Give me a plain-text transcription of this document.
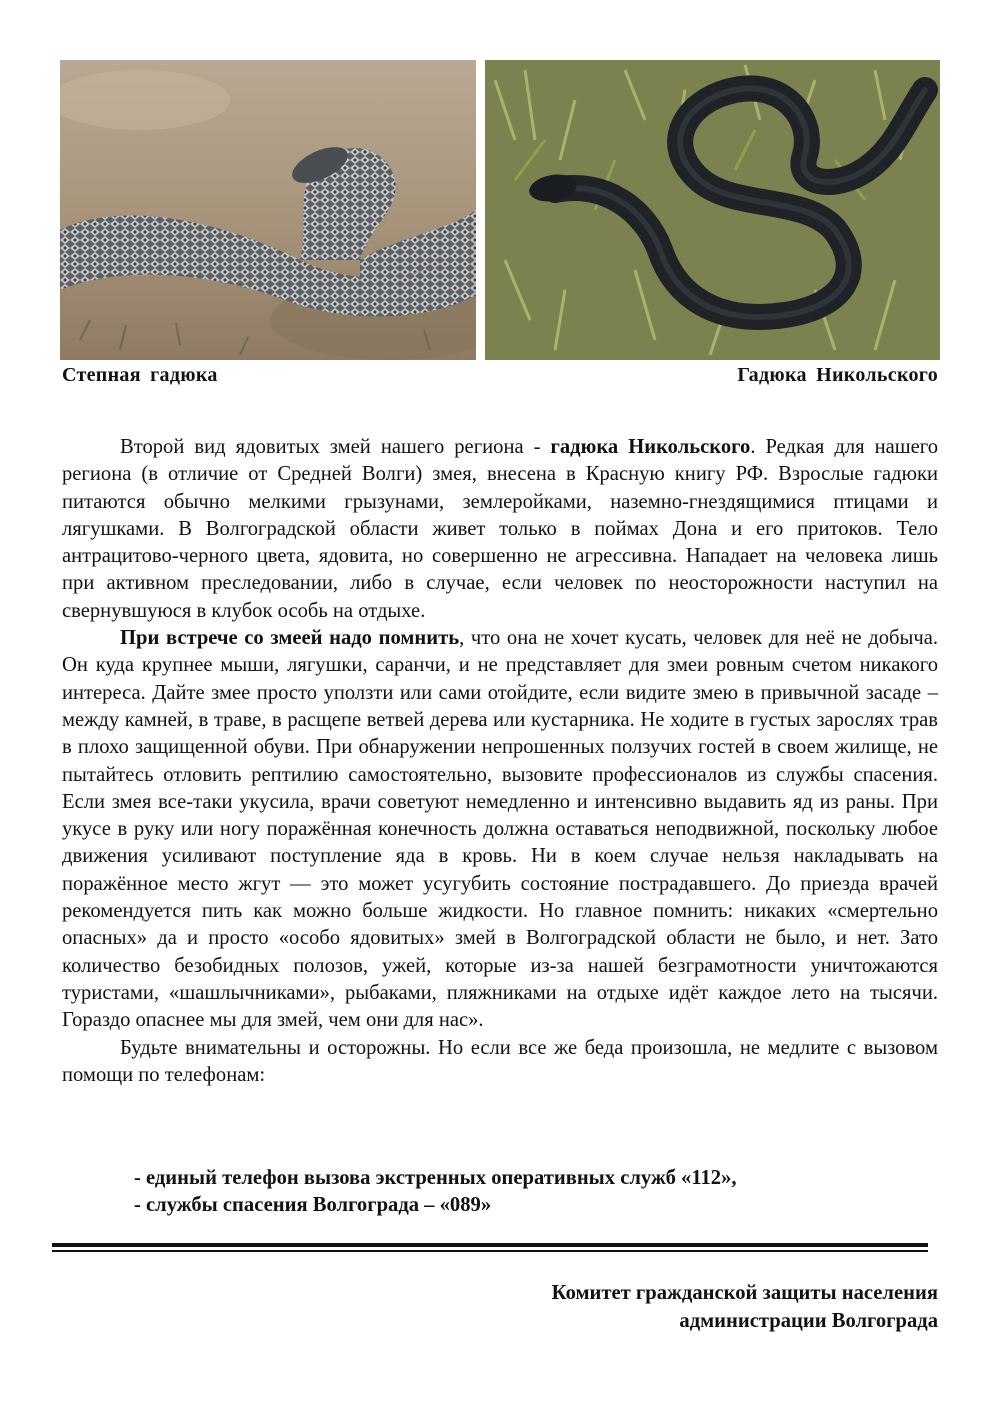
Степная гадюка	Гадюка Никольского

Второй вид ядовитых змей нашего региона - гадюка Никольского. Редкая для нашего региона (в отличие от Средней Волги) змея, внесена в Красную книгу РФ. Взрослые гадюки питаются обычно мелкими грызунами, землеройками, наземно-гнездящимися птицами и лягушками. В Волгоградской области живет только в поймах Дона и его притоков. Тело антрацитово-черного цвета, ядовита, но совершенно не агрессивна. Нападает на человека лишь при активном преследовании, либо в случае, если человек по неосторожности наступил на свернувшуюся в клубок особь на отдыхе.

При встрече со змеей надо помнить, что она не хочет кусать, человек для неё не добыча. Он куда крупнее мыши, лягушки, саранчи, и не представляет для змеи ровным счетом никакого интереса. Дайте змее просто уползти или сами отойдите, если видите змею в привычной засаде – между камней, в траве, в расщепе ветвей дерева или кустарника. Не ходите в густых зарослях трав в плохо защищенной обуви. При обнаружении непрошенных ползучих гостей в своем жилище, не пытайтесь отловить рептилию самостоятельно, вызовите профессионалов из службы спасения. Если змея все-таки укусила, врачи советуют немедленно и интенсивно выдавить яд из раны. При укусе в руку или ногу поражённая конечность должна оставаться неподвижной, поскольку любое движения усиливают поступление яда в кровь. Ни в коем случае нельзя накладывать на поражённое место жгут — это может усугубить состояние пострадавшего. До приезда врачей рекомендуется пить как можно больше жидкости. Но главное помнить: никаких «смертельно опасных» да и просто «особо ядовитых» змей в Волгоградской области не было, и нет. Зато количество безобидных полозов, ужей, которые из-за нашей безграмотности уничтожаются туристами, «шашлычниками», рыбаками, пляжниками на отдыхе идёт каждое лето на тысячи. Гораздо опаснее мы для змей, чем они для нас».

Будьте внимательны и осторожны. Но если все же беда произошла, не медлите с вызовом помощи по телефонам:

- единый телефон вызова экстренных оперативных служб «112»,
- службы спасения Волгограда – «089»
Комитет гражданской защиты населения
администрации Волгограда
